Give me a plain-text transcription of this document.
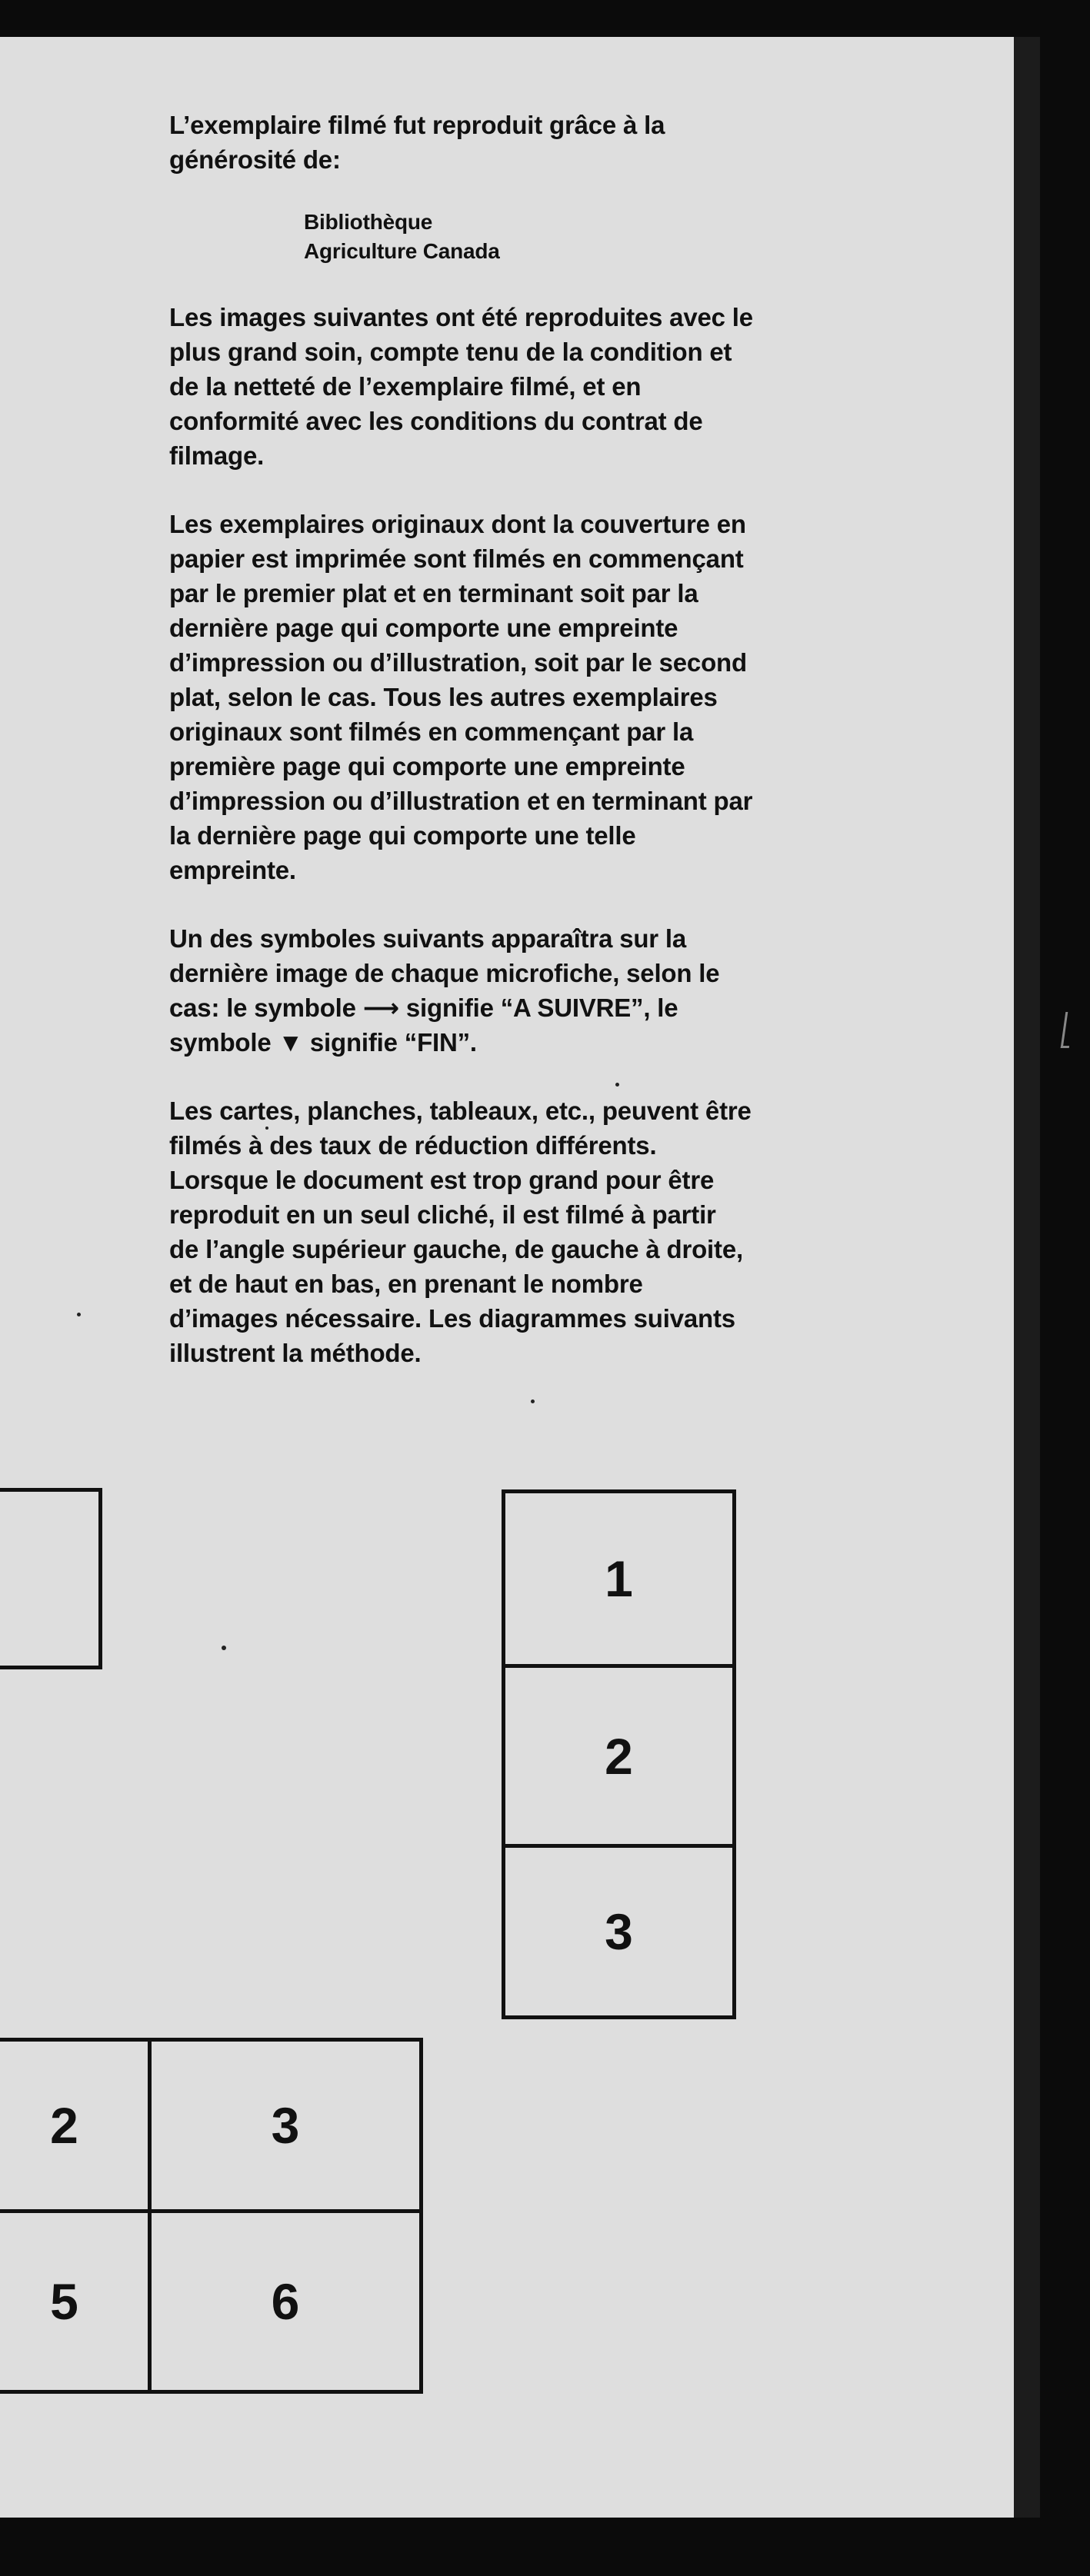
L’exemplaire filmé fut reproduit grâce à la
générosité de:

Bibliothèque
Agriculture Canada

Les images suivantes ont été reproduites avec le
plus grand soin, compte tenu de la condition et
de la netteté de l’exemplaire filmé, et en
conformité avec les conditions du contrat de
filmage.

Les exemplaires originaux dont la couverture en
papier est imprimée sont filmés en commençant
par le premier plat et en terminant soit par la
dernière page qui comporte une empreinte
d’impression ou d’illustration, soit par le second
plat, selon le cas. Tous les autres exemplaires
originaux sont filmés en commençant par la
première page qui comporte une empreinte
d’impression ou d’illustration et en terminant par
la dernière page qui comporte une telle
empreinte.

Un des symboles suivants apparaîtra sur la
dernière image de chaque microfiche, selon le
cas: le symbole ⟶ signifie “A SUIVRE”, le
symbole ▼ signifie “FIN”.

Les cartes, planches, tableaux, etc., peuvent être
filmés à des taux de réduction différents.
Lorsque le document est trop grand pour être
reproduit en un seul cliché, il est filmé à partir
de l’angle supérieur gauche, de gauche à droite,
et de haut en bas, en prenant le nombre
d’images nécessaire. Les diagrammes suivants
illustrent la méthode.

1
2
3
2	3
5	6
